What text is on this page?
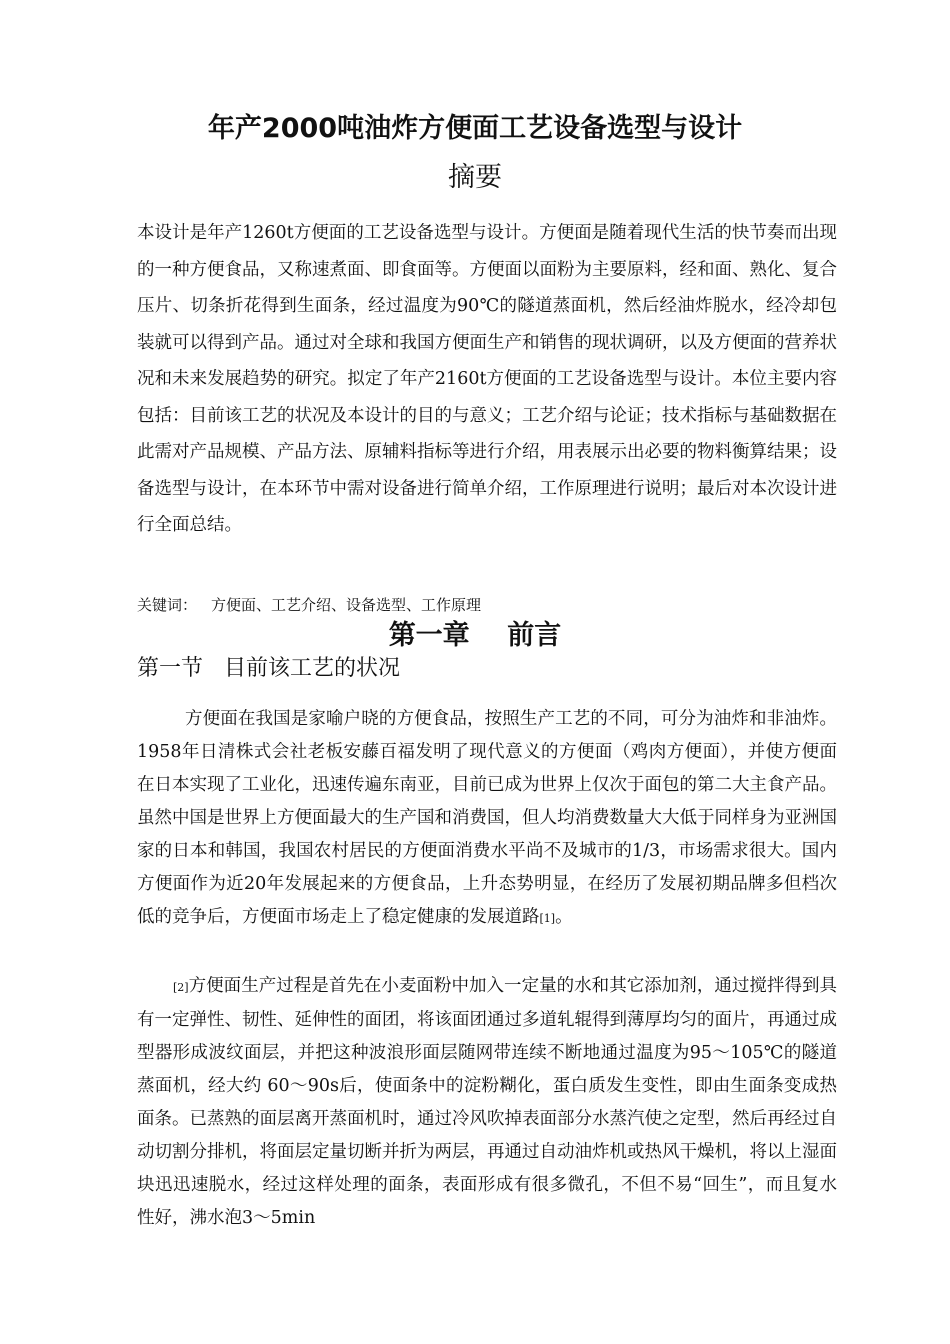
年产2000吨油炸方便面工艺设备选型与设计
摘要

本设计是年产1260t方便面的工艺设备选型与设计。方便面是随着现代生活的快节奏而出现的一种方便食品，又称速煮面、即食面等。方便面以面粉为主要原料，经和面、熟化、复合压片、切条折花得到生面条，经过温度为90℃的隧道蒸面机，然后经油炸脱水，经冷却包装就可以得到产品。通过对全球和我国方便面生产和销售的现状调研，以及方便面的营养状况和未来发展趋势的研究。拟定了年产2160t方便面的工艺设备选型与设计。本位主要内容包括：目前该工艺的状况及本设计的目的与意义；工艺介绍与论证；技术指标与基础数据在此需对产品规模、产品方法、原辅料指标等进行介绍，用表展示出必要的物料衡算结果；设备选型与设计，在本环节中需对设备进行简单介绍，工作原理进行说明；最后对本次设计进行全面总结。

关键词： 方便面、工艺介绍、设备选型、工作原理
第一章    前言
第一节   目前该工艺的状况

方便面在我国是家喻户晓的方便食品，按照生产工艺的不同，可分为油炸和非油炸。1958年日清株式会社老板安藤百福发明了现代意义的方便面（鸡肉方便面），并使方便面在日本实现了工业化，迅速传遍东南亚，目前已成为世界上仅次于面包的第二大主食产品。虽然中国是世界上方便面最大的生产国和消费国，但人均消费数量大大低于同样身为亚洲国家的日本和韩国，我国农村居民的方便面消费水平尚不及城市的1/3，市场需求很大。国内方便面作为近20年发展起来的方便食品，上升态势明显，在经历了发展初期品牌多但档次低的竞争后，方便面市场走上了稳定健康的发展道路[1]。

[2]方便面生产过程是首先在小麦面粉中加入一定量的水和其它添加剂，通过搅拌得到具有一定弹性、韧性、延伸性的面团，将该面团通过多道轧辊得到薄厚均匀的面片，再通过成型器形成波纹面层，并把这种波浪形面层随网带连续不断地通过温度为95～105℃的隧道蒸面机，经大约 60～90s后，使面条中的淀粉糊化，蛋白质发生变性，即由生面条变成热面条。已蒸熟的面层离开蒸面机时，通过冷风吹掉表面部分水蒸汽使之定型，然后再经过自动切割分排机，将面层定量切断并折为两层，再通过自动油炸机或热风干燥机，将以上湿面块迅迅速脱水，经过这样处理的面条，表面形成有很多微孔，不但不易“回生”，而且复水性好，沸水泡3～5min
